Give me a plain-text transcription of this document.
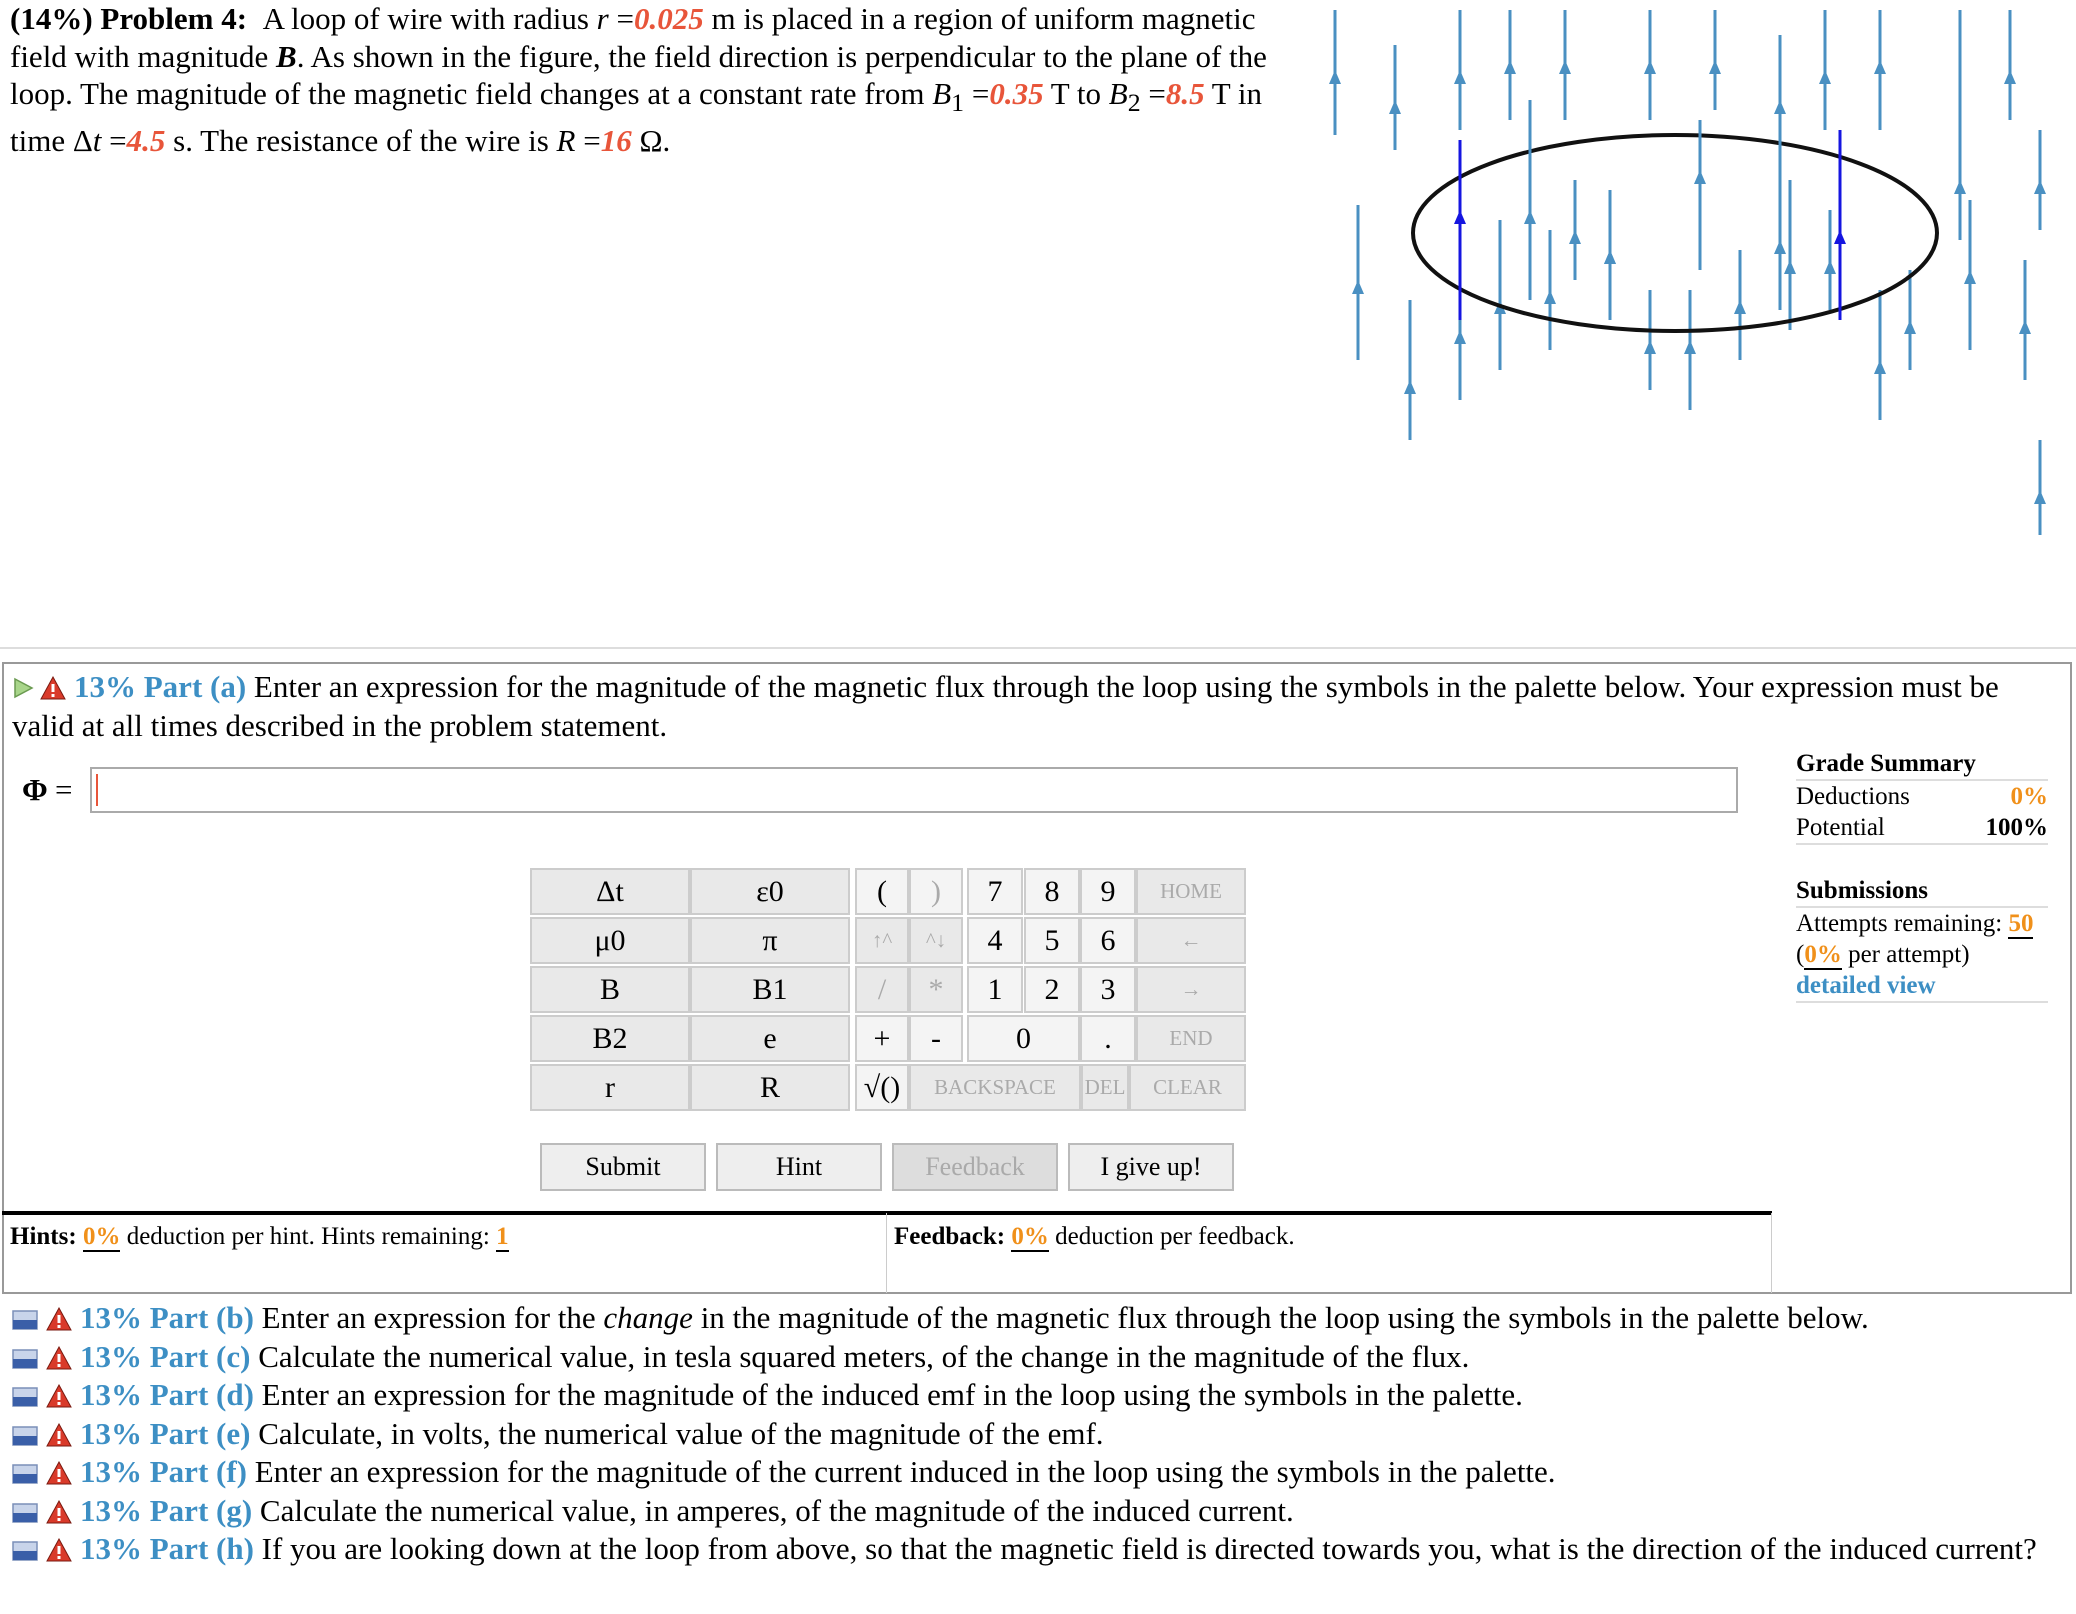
(14%) Problem 4: A loop of wire with radius r =0.025 m is placed in a region of uniform magnetic field with magnitude B. As shown in the figure, the field direction is perpendicular to the plane of the loop. The magnitude of the magnetic field changes at a constant rate from $B_1 =0.35$ T to $B_2 =8.5$ T in time Δt =4.5 s. The resistance of the wire is R =16 Ω.
13% Part (a) Enter an expression for the magnitude of the magnetic flux through the loop using the symbols in the palette below. Your expression must be valid at all times described in the problem statement.
Φ =
Grade Summary
Deductions	0%
Potential	100%
Submissions
Attempts remaining: 50
(0% per attempt)
detailed view
Δt	ε0
μ0	π
B	B1
B2	e
r	R
(	)
↑^	^↓
/	*
+	-
√()
7	8	9
4	5	6
1	2	3
0	.
HOME
←
→
END
BACKSPACE	DEL	CLEAR
Submit	Hint	Feedback	I give up!
Hints: 0% deduction per hint. Hints remaining: 1	Feedback: 0% deduction per feedback.
13% Part (b) Enter an expression for the change in the magnitude of the magnetic flux through the loop using the symbols in the palette below.
13% Part (c) Calculate the numerical value, in tesla squared meters, of the change in the magnitude of the flux.
13% Part (d) Enter an expression for the magnitude of the induced emf in the loop using the symbols in the palette.
13% Part (e) Calculate, in volts, the numerical value of the magnitude of the emf.
13% Part (f) Enter an expression for the magnitude of the current induced in the loop using the symbols in the palette.
13% Part (g) Calculate the numerical value, in amperes, of the magnitude of the induced current.
13% Part (h) If you are looking down at the loop from above, so that the magnetic field is directed towards you, what is the direction of the induced current?
